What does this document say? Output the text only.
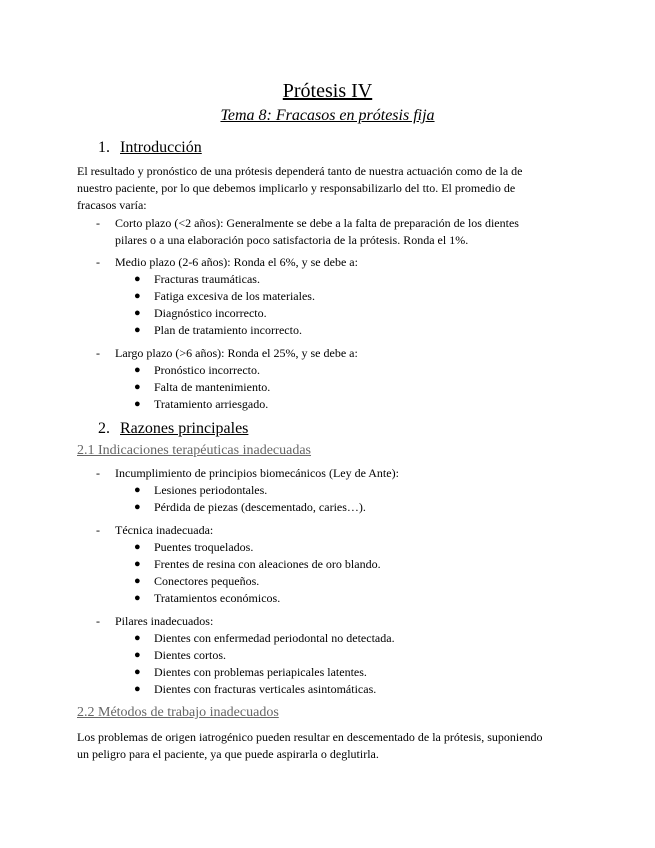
Prótesis IV
Tema 8: Fracasos en prótesis fija
1. Introducción
El resultado y pronóstico de una prótesis dependerá tanto de nuestra actuación como de la de
nuestro paciente, por lo que debemos implicarlo y responsabilizarlo del tto. El promedio de
fracasos varía:
- Corto plazo (<2 años): Generalmente se debe a la falta de preparación de los dientes
pilares o a una elaboración poco satisfactoria de la prótesis. Ronda el 1%.
- Medio plazo (2-6 años): Ronda el 6%, y se debe a:
● Fracturas traumáticas.
● Fatiga excesiva de los materiales.
● Diagnóstico incorrecto.
● Plan de tratamiento incorrecto.
- Largo plazo (>6 años): Ronda el 25%, y se debe a:
● Pronóstico incorrecto.
● Falta de mantenimiento.
● Tratamiento arriesgado.
2. Razones principales
2.1 Indicaciones terapéuticas inadecuadas
- Incumplimiento de principios biomecánicos (Ley de Ante):
● Lesiones periodontales.
● Pérdida de piezas (descementado, caries…).
- Técnica inadecuada:
● Puentes troquelados.
● Frentes de resina con aleaciones de oro blando.
● Conectores pequeños.
● Tratamientos económicos.
- Pilares inadecuados:
● Dientes con enfermedad periodontal no detectada.
● Dientes cortos.
● Dientes con problemas periapicales latentes.
● Dientes con fracturas verticales asintomáticas.
2.2 Métodos de trabajo inadecuados
Los problemas de origen iatrogénico pueden resultar en descementado de la prótesis, suponiendo
un peligro para el paciente, ya que puede aspirarla o deglutirla.
